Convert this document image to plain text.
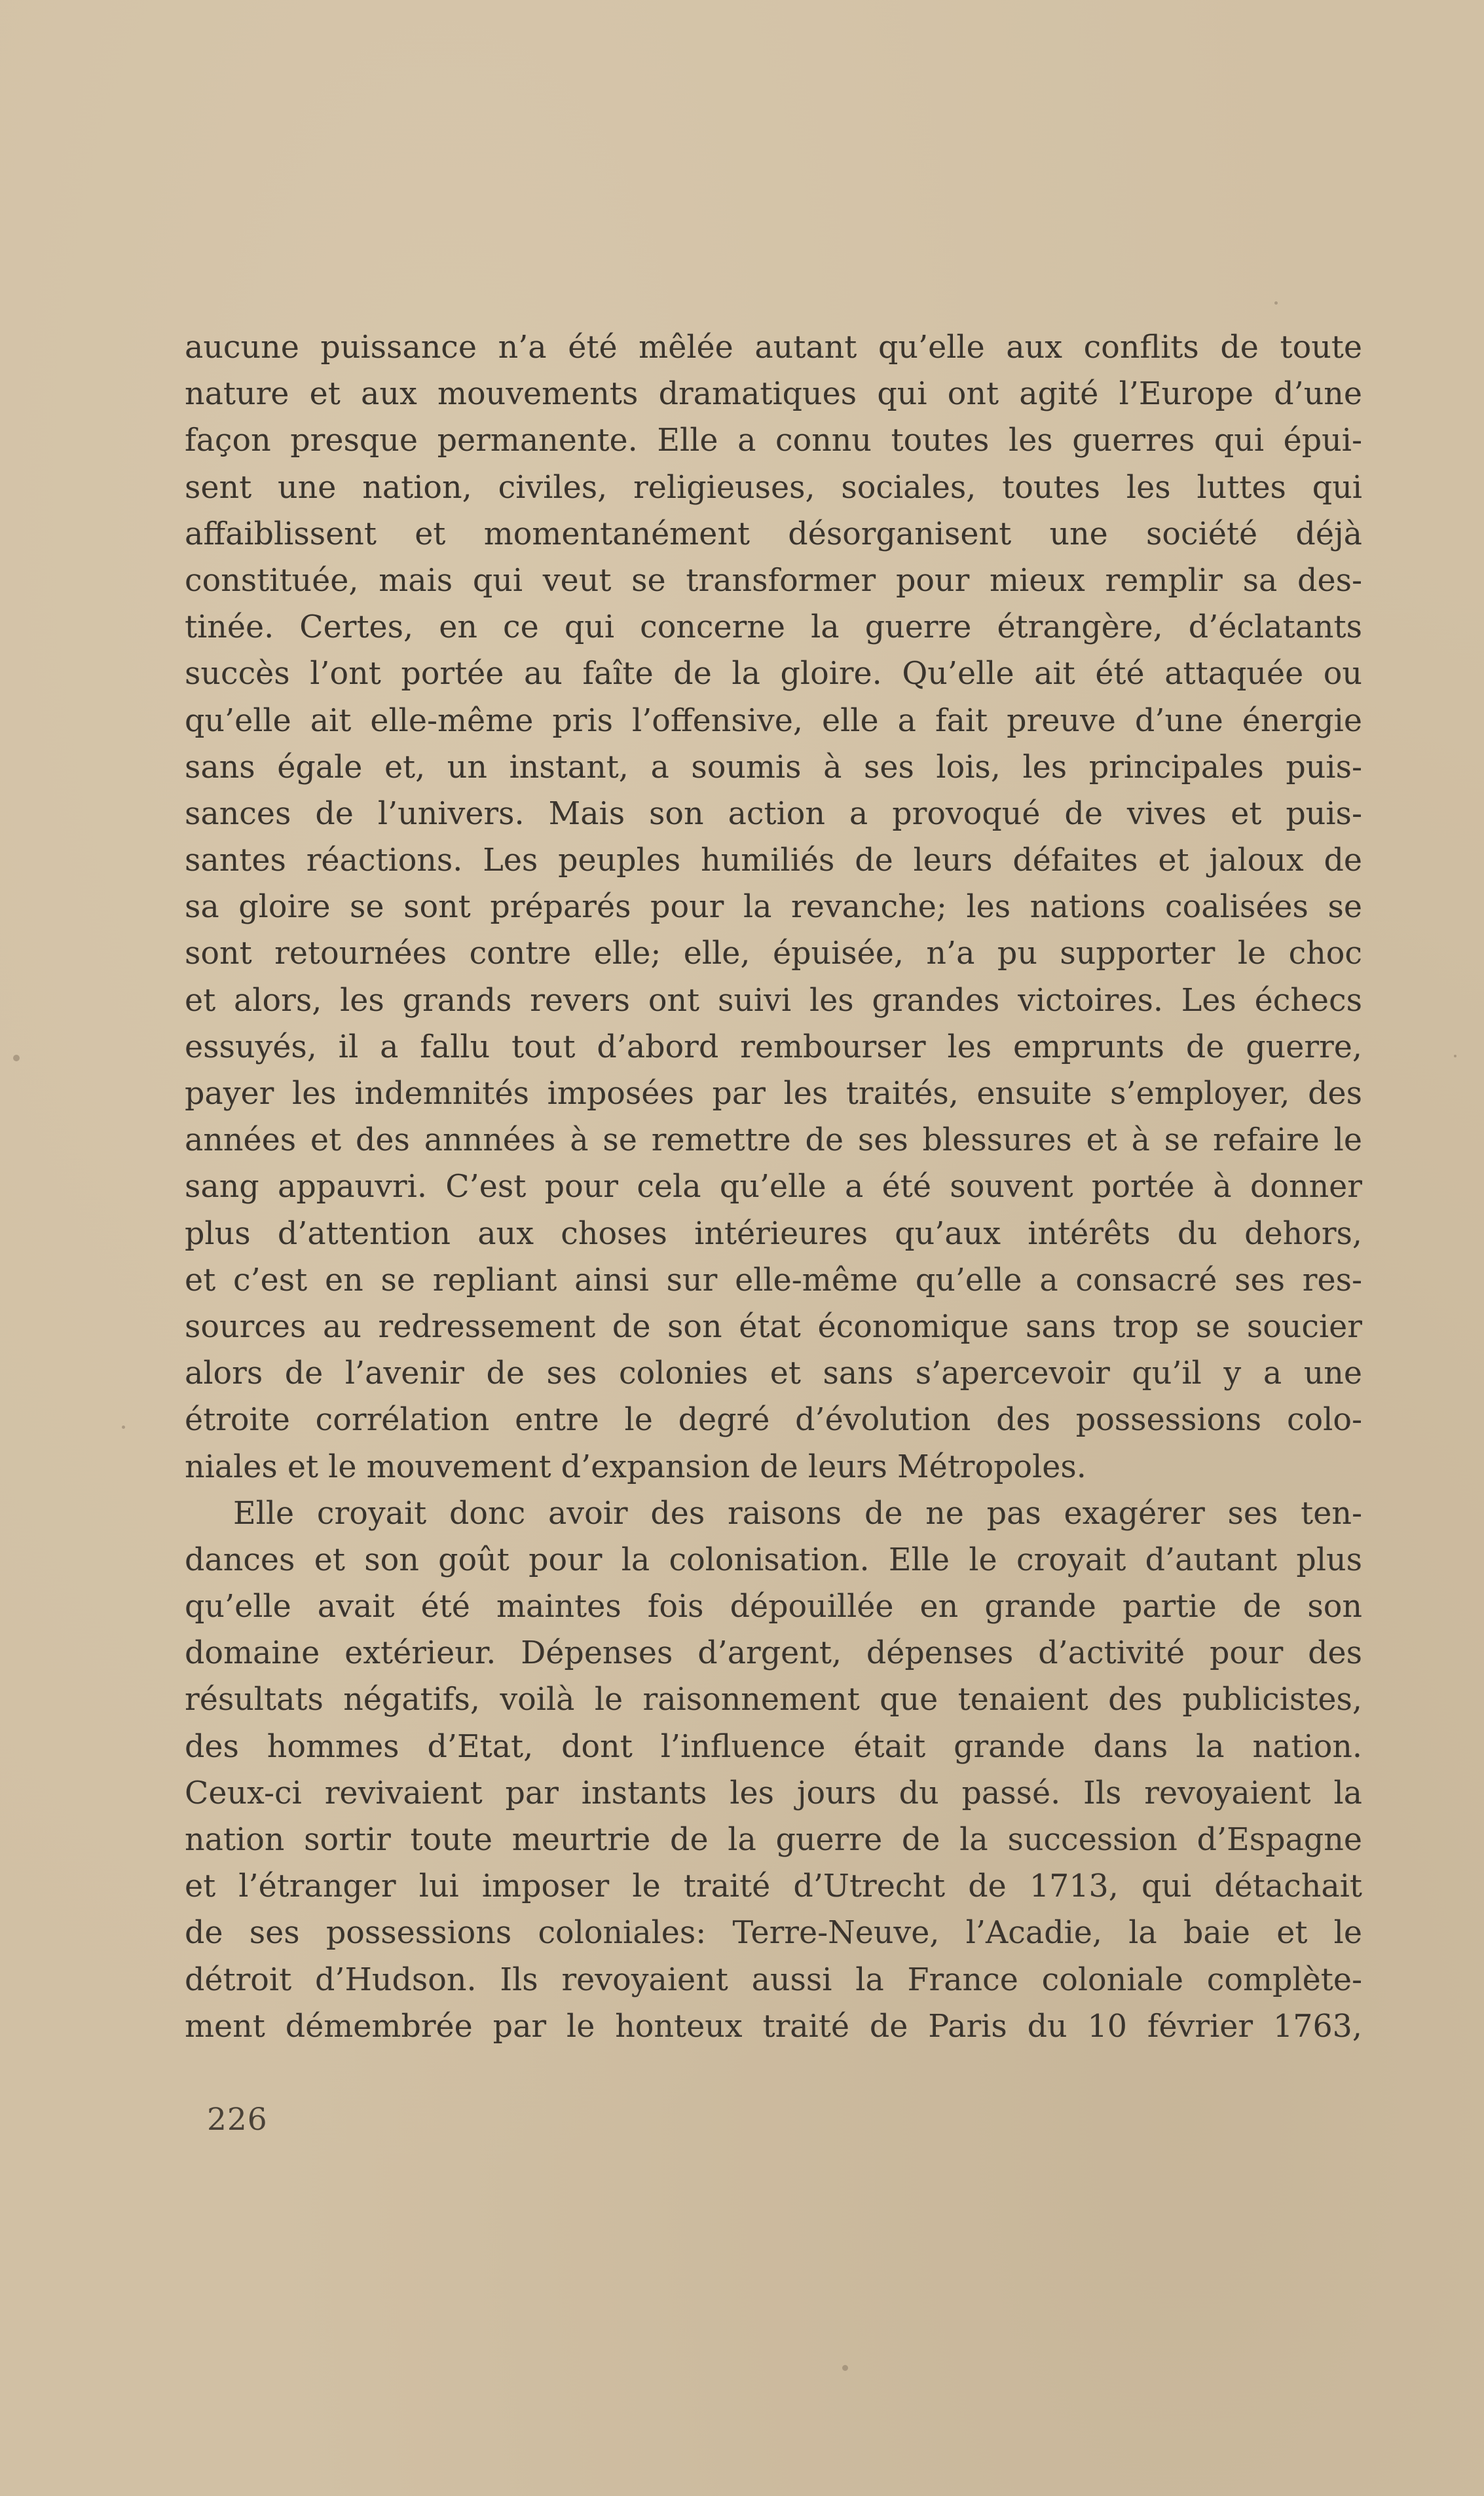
aucune puissance n’a été mêlée autant qu’elle aux conflits de toute
nature et aux mouvements dramatiques qui ont agité l’Europe d’une
façon presque permanente. Elle a connu toutes les guerres qui épui-
sent une nation, civiles, religieuses, sociales, toutes les luttes qui
affaiblissent et momentanément désorganisent une société déjà
constituée, mais qui veut se transformer pour mieux remplir sa des-
tinée. Certes, en ce qui concerne la guerre étrangère, d’éclatants
succès l’ont portée au faîte de la gloire. Qu’elle ait été attaquée ou
qu’elle ait elle-même pris l’offensive, elle a fait preuve d’une énergie
sans égale et, un instant, a soumis à ses lois, les principales puis-
sances de l’univers. Mais son action a provoqué de vives et puis-
santes réactions. Les peuples humiliés de leurs défaites et jaloux de
sa gloire se sont préparés pour la revanche; les nations coalisées se
sont retournées contre elle; elle, épuisée, n’a pu supporter le choc
et alors, les grands revers ont suivi les grandes victoires. Les échecs
essuyés, il a fallu tout d’abord rembourser les emprunts de guerre,
payer les indemnités imposées par les traités, ensuite s’employer, des
années et des annnées à se remettre de ses blessures et à se refaire le
sang appauvri. C’est pour cela qu’elle a été souvent portée à donner
plus d’attention aux choses intérieures qu’aux intérêts du dehors,
et c’est en se repliant ainsi sur elle-même qu’elle a consacré ses res-
sources au redressement de son état économique sans trop se soucier
alors de l’avenir de ses colonies et sans s’apercevoir qu’il y a une
étroite corrélation entre le degré d’évolution des possessions colo-
niales et le mouvement d’expansion de leurs Métropoles.
Elle croyait donc avoir des raisons de ne pas exagérer ses ten-
dances et son goût pour la colonisation. Elle le croyait d’autant plus
qu’elle avait été maintes fois dépouillée en grande partie de son
domaine extérieur. Dépenses d’argent, dépenses d’activité pour des
résultats négatifs, voilà le raisonnement que tenaient des publicistes,
des hommes d’Etat, dont l’influence était grande dans la nation.
Ceux-ci revivaient par instants les jours du passé. Ils revoyaient la
nation sortir toute meurtrie de la guerre de la succession d’Espagne
et l’étranger lui imposer le traité d’Utrecht de 1713, qui détachait
de ses possessions coloniales: Terre-Neuve, l’Acadie, la baie et le
détroit d’Hudson. Ils revoyaient aussi la France coloniale complète-
ment démembrée par le honteux traité de Paris du 10 février 1763,
226
